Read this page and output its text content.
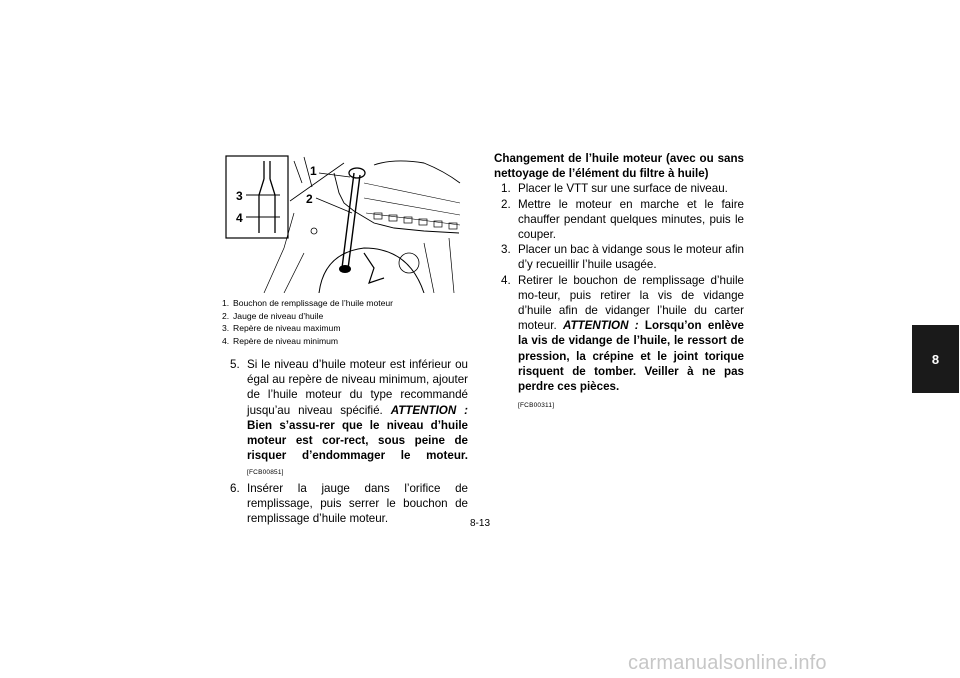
3
4
1
2
1. Bouchon de remplissage de l’huile moteur
2. Jauge de niveau d’huile
3. Repère de niveau maximum
4. Repère de niveau minimum
5. Si le niveau d’huile moteur est inférieur ou égal au repère de niveau minimum, ajouter de l’huile moteur du type recommandé jusqu’au niveau spécifié. ATTENTION : Bien s’assu-rer que le niveau d’huile moteur est cor-rect, sous peine de risquer d’endommager le moteur. [FCB00851]
6. Insérer la jauge dans l’orifice de remplissage, puis serrer le bouchon de remplissage d’huile moteur.
Changement de l’huile moteur (avec ou sans nettoyage de l’élément du filtre à huile)
1. Placer le VTT sur une surface de niveau.
2. Mettre le moteur en marche et le faire chauffer pendant quelques minutes, puis le couper.
3. Placer un bac à vidange sous le moteur afin d’y recueillir l’huile usagée.
4. Retirer le bouchon de remplissage d’huile mo-teur, puis retirer la vis de vidange d’huile afin de vidanger l’huile du carter moteur. ATTENTION : Lorsqu’on enlève la vis de vidange de l’huile, le ressort de pression, la crépine et le joint torique risquent de tomber. Veiller à ne pas perdre ces pièces.
[FCB00311]
8
8-13
carmanualsonline.info
